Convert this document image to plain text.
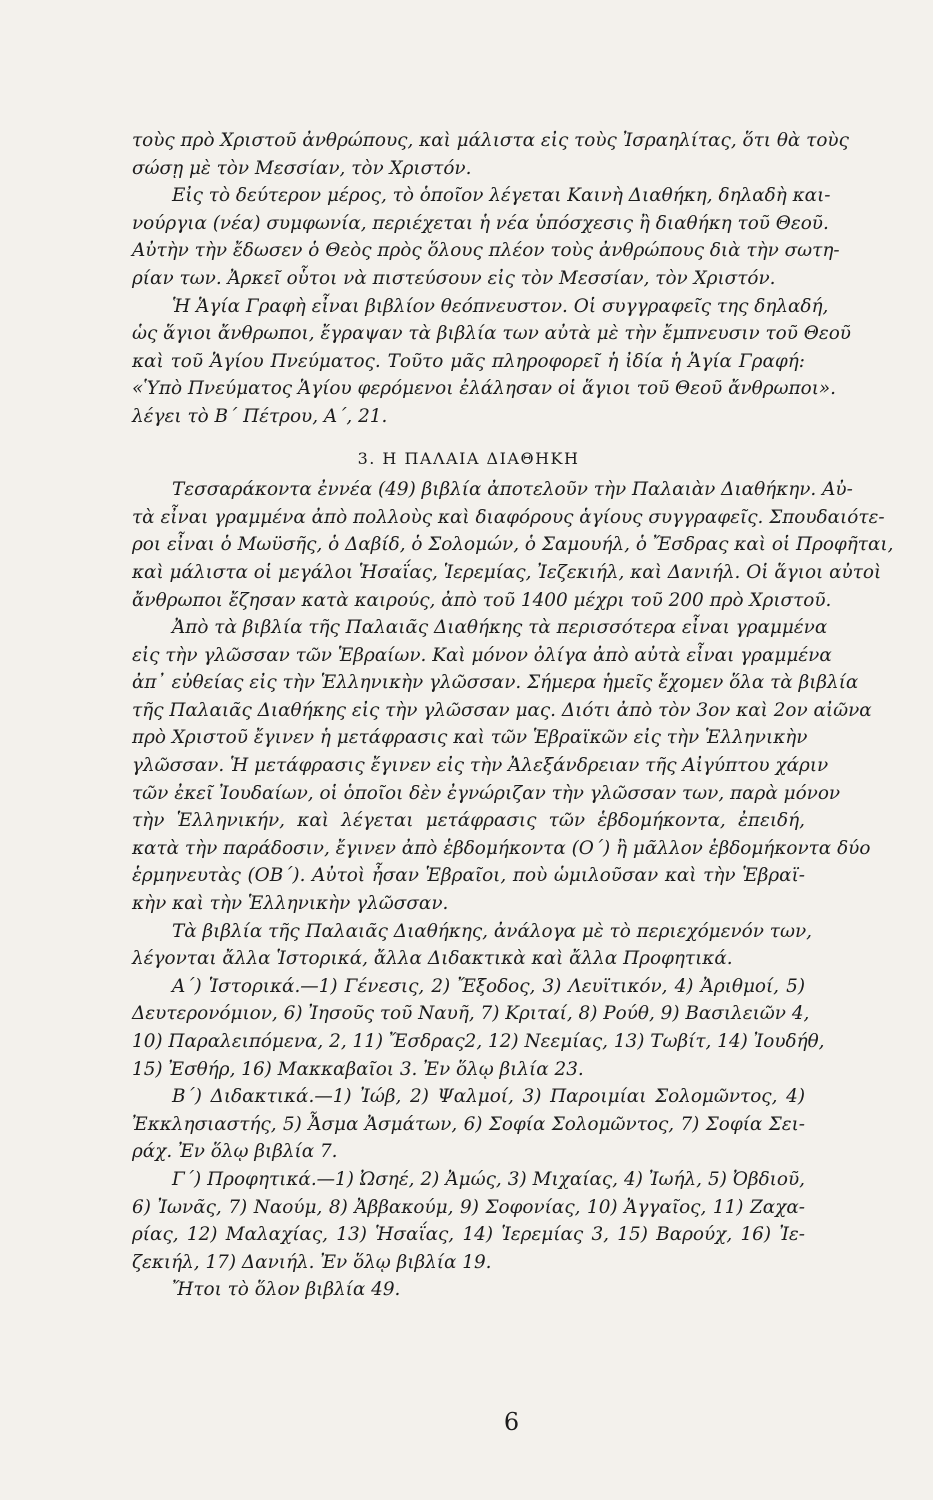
τοὺς πρὸ Χριστοῦ ἀνθρώπους, καὶ μάλιστα εἰς τοὺς Ἰσραηλίτας, ὅτι θὰ τοὺς
σώσῃ μὲ τὸν Μεσσίαν, τὸν Χριστόν.
Εἰς τὸ δεύτερον μέρος, τὸ ὁποῖον λέγεται Καινὴ Διαθήκη, δηλαδὴ και-
νούργια (νέα) συμφωνία, περιέχεται ἡ νέα ὑπόσχεσις ἢ διαθήκη τοῦ Θεοῦ.
Αὐτὴν τὴν ἔδωσεν ὁ Θεὸς πρὸς ὅλους πλέον τοὺς ἀνθρώπους διὰ τὴν σωτη-
ρίαν των. Ἀρκεῖ οὗτοι νὰ πιστεύσουν εἰς τὸν Μεσσίαν, τὸν Χριστόν.
Ἡ Ἁγία Γραφὴ εἶναι βιβλίον θεόπνευστον. Οἱ συγγραφεῖς της δηλαδή,
ὡς ἅγιοι ἄνθρωποι, ἔγραψαν τὰ βιβλία των αὐτὰ μὲ τὴν ἔμπνευσιν τοῦ Θεοῦ
καὶ τοῦ Ἁγίου Πνεύματος. Τοῦτο μᾶς πληροφορεῖ ἡ ἰδία ἡ Ἁγία Γραφή:
«Ὑπὸ Πνεύματος Ἁγίου φερόμενοι ἐλάλησαν οἱ ἅγιοι τοῦ Θεοῦ ἄνθρωποι».
λέγει τὸ Β΄ Πέτρου, Α΄, 21.
3. Η ΠΑΛΑΙΑ ΔΙΑΘΗΚΗ
Τεσσαράκοντα ἐννέα (49) βιβλία ἀποτελοῦν τὴν Παλαιὰν Διαθήκην. Αὐ-
τὰ εἶναι γραμμένα ἀπὸ πολλοὺς καὶ διαφόρους ἁγίους συγγραφεῖς. Σπουδαιότε-
ροι εἶναι ὁ Μωϋσῆς, ὁ Δαβίδ, ὁ Σολομών, ὁ Σαμουήλ, ὁ Ἔσδρας καὶ οἱ Προφῆται,
καὶ μάλιστα οἱ μεγάλοι Ἡσαΐας, Ἱερεμίας, Ἰεζεκιήλ, καὶ Δανιήλ. Οἱ ἅγιοι αὐτοὶ
ἄνθρωποι ἔζησαν κατὰ καιρούς, ἀπὸ τοῦ 1400 μέχρι τοῦ 200 πρὸ Χριστοῦ.
Ἀπὸ τὰ βιβλία τῆς Παλαιᾶς Διαθήκης τὰ περισσότερα εἶναι γραμμένα
εἰς τὴν γλῶσσαν τῶν Ἑβραίων. Καὶ μόνον ὀλίγα ἀπὸ αὐτὰ εἶναι γραμμένα
ἀπ᾿ εὐθείας εἰς τὴν Ἑλληνικὴν γλῶσσαν. Σήμερα ἡμεῖς ἔχομεν ὅλα τὰ βιβλία
τῆς Παλαιᾶς Διαθήκης εἰς τὴν γλῶσσαν μας. Διότι ἀπὸ τὸν 3ον καὶ 2ον αἰῶνα
πρὸ Χριστοῦ ἔγινεν ἡ μετάφρασις καὶ τῶν Ἑβραϊκῶν εἰς τὴν Ἑλληνικὴν
γλῶσσαν. Ἡ μετάφρασις ἔγινεν εἰς τὴν Ἀλεξάνδρειαν τῆς Αἰγύπτου χάριν
τῶν ἐκεῖ Ἰουδαίων, οἱ ὁποῖοι δὲν ἐγνώριζαν τὴν γλῶσσαν των, παρὰ μόνον
τὴν Ἑλληνικήν, καὶ λέγεται μετάφρασις τῶν ἑβδομήκοντα, ἐπειδή,
κατὰ τὴν παράδοσιν, ἔγινεν ἀπὸ ἑβδομήκοντα (Ο΄) ἢ μᾶλλον ἑβδομήκοντα δύο
ἑρμηνευτὰς (ΟΒ΄). Αὐτοὶ ἦσαν Ἑβραῖοι, ποὺ ὡμιλοῦσαν καὶ τὴν Ἑβραϊ-
κὴν καὶ τὴν Ἑλληνικὴν γλῶσσαν.
Τὰ βιβλία τῆς Παλαιᾶς Διαθήκης, ἀνάλογα μὲ τὸ περιεχόμενόν των,
λέγονται ἄλλα Ἱστορικά, ἄλλα Διδακτικὰ καὶ ἄλλα Προφητικά.
Α΄) Ἱστορικά.—1) Γένεσις, 2) Ἔξοδος, 3) Λευϊτικόν, 4) Ἀριθμοί, 5)
Δευτερονόμιον, 6) Ἰησοῦς τοῦ Ναυῆ, 7) Κριταί, 8) Ρούθ, 9) Βασιλειῶν 4,
10) Παραλειπόμενα, 2, 11) Ἔσδρας2, 12) Νεεμίας, 13) Τωβίτ, 14) Ἰουδήθ,
15) Ἐσθήρ, 16) Μακκαβαῖοι 3. Ἐν ὅλῳ βιλία 23.
Β΄) Διδακτικά.—1) Ἰώβ, 2) Ψαλμοί, 3) Παροιμίαι Σολομῶντος, 4)
Ἐκκλησιαστής, 5) Ἆσμα Ἀσμάτων, 6) Σοφία Σολομῶντος, 7) Σοφία Σει-
ράχ. Ἐν ὅλῳ βιβλία 7.
Γ΄) Προφητικά.—1) Ὠσηέ, 2) Ἀμώς, 3) Μιχαίας, 4) Ἰωήλ, 5) Ὀβδιοῦ,
6) Ἰωνᾶς, 7) Ναούμ, 8) Ἀββακούμ, 9) Σοφονίας, 10) Ἀγγαῖος, 11) Ζαχα-
ρίας, 12) Μαλαχίας, 13) Ἡσαΐας, 14) Ἱερεμίας 3, 15) Βαρούχ, 16) Ἰε-
ζεκιήλ, 17) Δανιήλ. Ἐν ὅλῳ βιβλία 19.
Ἤτοι τὸ ὅλον βιβλία 49.
6
